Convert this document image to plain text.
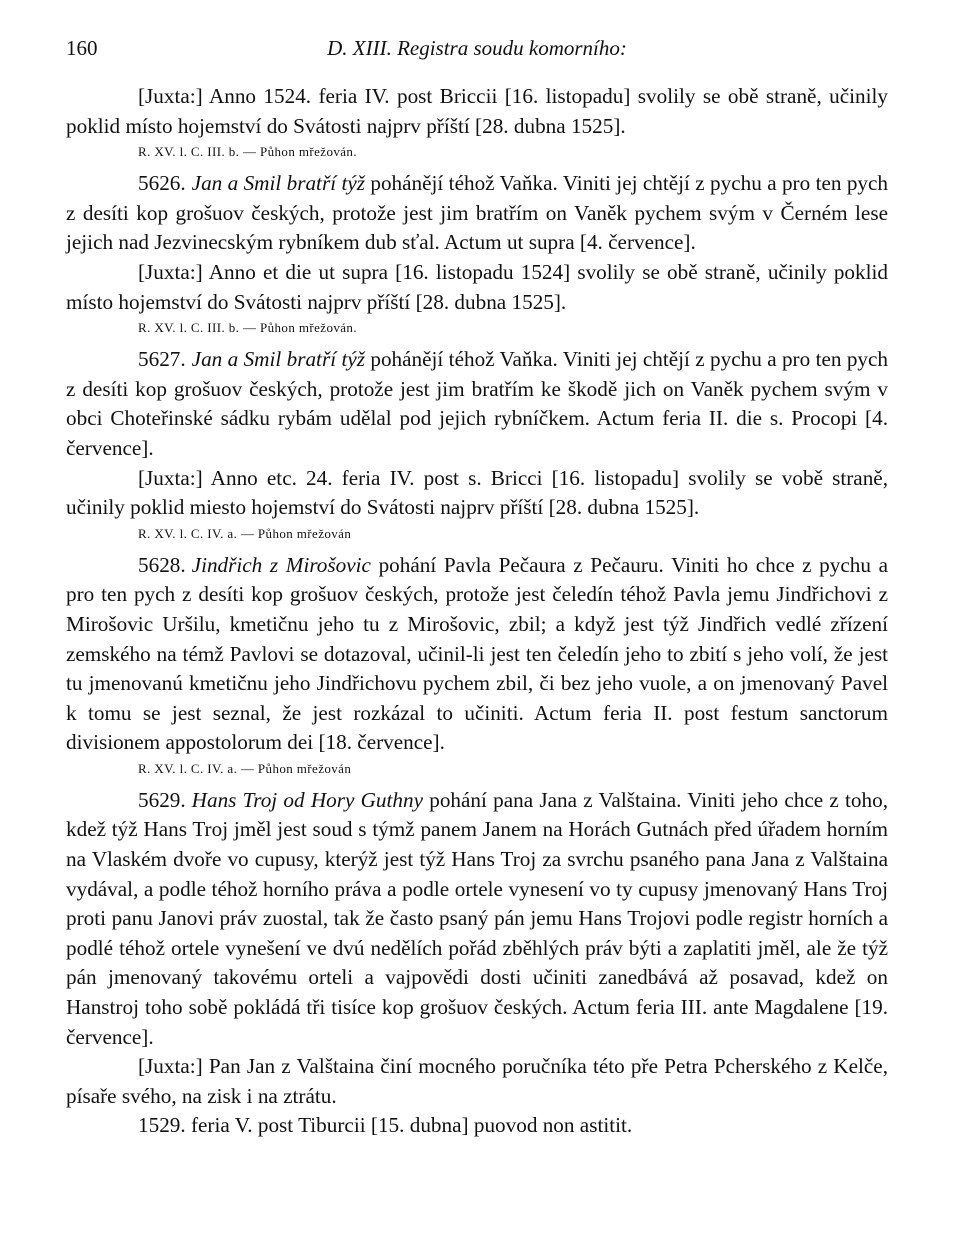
160	D. XIII. Registra soudu komorního:

[Juxta:] Anno 1524. feria IV. post Briccii [16. listopadu] svolily se obě straně, učinily poklid místo hojemství do Svátosti najprv příští [28. dubna 1525].

R. XV. l. C. III. b. — Půhon mřežován.

5626. Jan a Smil bratří týž pohánějí téhož Vaňka. Viniti jej chtějí z pychu a pro ten pych z desíti kop grošuov českých, protože jest jim bratřím on Vaněk pychem svým v Černém lese jejich nad Jezvinecským rybníkem dub sťal. Actum ut supra [4. července].

[Juxta:] Anno et die ut supra [16. listopadu 1524] svolily se obě straně, učinily poklid místo hojemství do Svátosti najprv příští [28. dubna 1525].

R. XV. l. C. III. b. — Půhon mřežován.

5627. Jan a Smil bratří týž pohánějí téhož Vaňka. Viniti jej chtějí z pychu a pro ten pych z desíti kop grošuov českých, protože jest jim bratřím ke škodě jich on Vaněk pychem svým v obci Choteřinské sádku rybám udělal pod jejich rybníčkem. Actum feria II. die s. Procopi [4. července].

[Juxta:] Anno etc. 24. feria IV. post s. Bricci [16. listopadu] svolily se vobě straně, učinily poklid miesto hojemství do Svátosti najprv příští [28. dubna 1525].

R. XV. l. C. IV. a. — Půhon mřežován

5628. Jindřich z Mirošovic pohání Pavla Pečaura z Pečauru. Viniti ho chce z pychu a pro ten pych z desíti kop grošuov českých, protože jest čeledín téhož Pavla jemu Jindřichovi z Mirošovic Uršilu, kmetičnu jeho tu z Mirošovic, zbil; a když jest týž Jindřich vedlé zřízení zemského na témž Pavlovi se dotazoval, učinil-li jest ten čeledín jeho to zbití s jeho volí, že jest tu jmenovanú kmetičnu jeho Jindřichovu pychem zbil, či bez jeho vuole, a on jmenovaný Pavel k tomu se jest seznal, že jest rozkázal to učiniti. Actum feria II. post festum sanctorum divisionem appostolorum dei [18. července].

R. XV. l. C. IV. a. — Půhon mřežován

5629. Hans Troj od Hory Guthny pohání pana Jana z Valštaina. Viniti jeho chce z toho, kdež týž Hans Troj jměl jest soud s týmž panem Janem na Horách Gutnách před úřadem horním na Vlaském dvoře vo cupusy, kterýž jest týž Hans Troj za svrchu psaného pana Jana z Valštaina vydával, a podle téhož horního práva a podle ortele vynesení vo ty cupusy jmenovaný Hans Troj proti panu Janovi práv zuostal, tak že často psaný pán jemu Hans Trojovi podle registr horních a podlé téhož ortele vynešení ve dvú nedělích pořád zběhlých práv býti a zaplatiti jměl, ale že týž pán jmenovaný takovému orteli a vajpovědi dosti učiniti zanedbává až posavad, kdež on Hanstroj toho sobě pokládá tři tisíce kop grošuov českých. Actum feria III. ante Magdalene [19. července].

[Juxta:] Pan Jan z Valštaina činí mocného poručníka této pře Petra Pcherského z Kelče, písaře svého, na zisk i na ztrátu.

1529. feria V. post Tiburcii [15. dubna] puovod non astitit.
